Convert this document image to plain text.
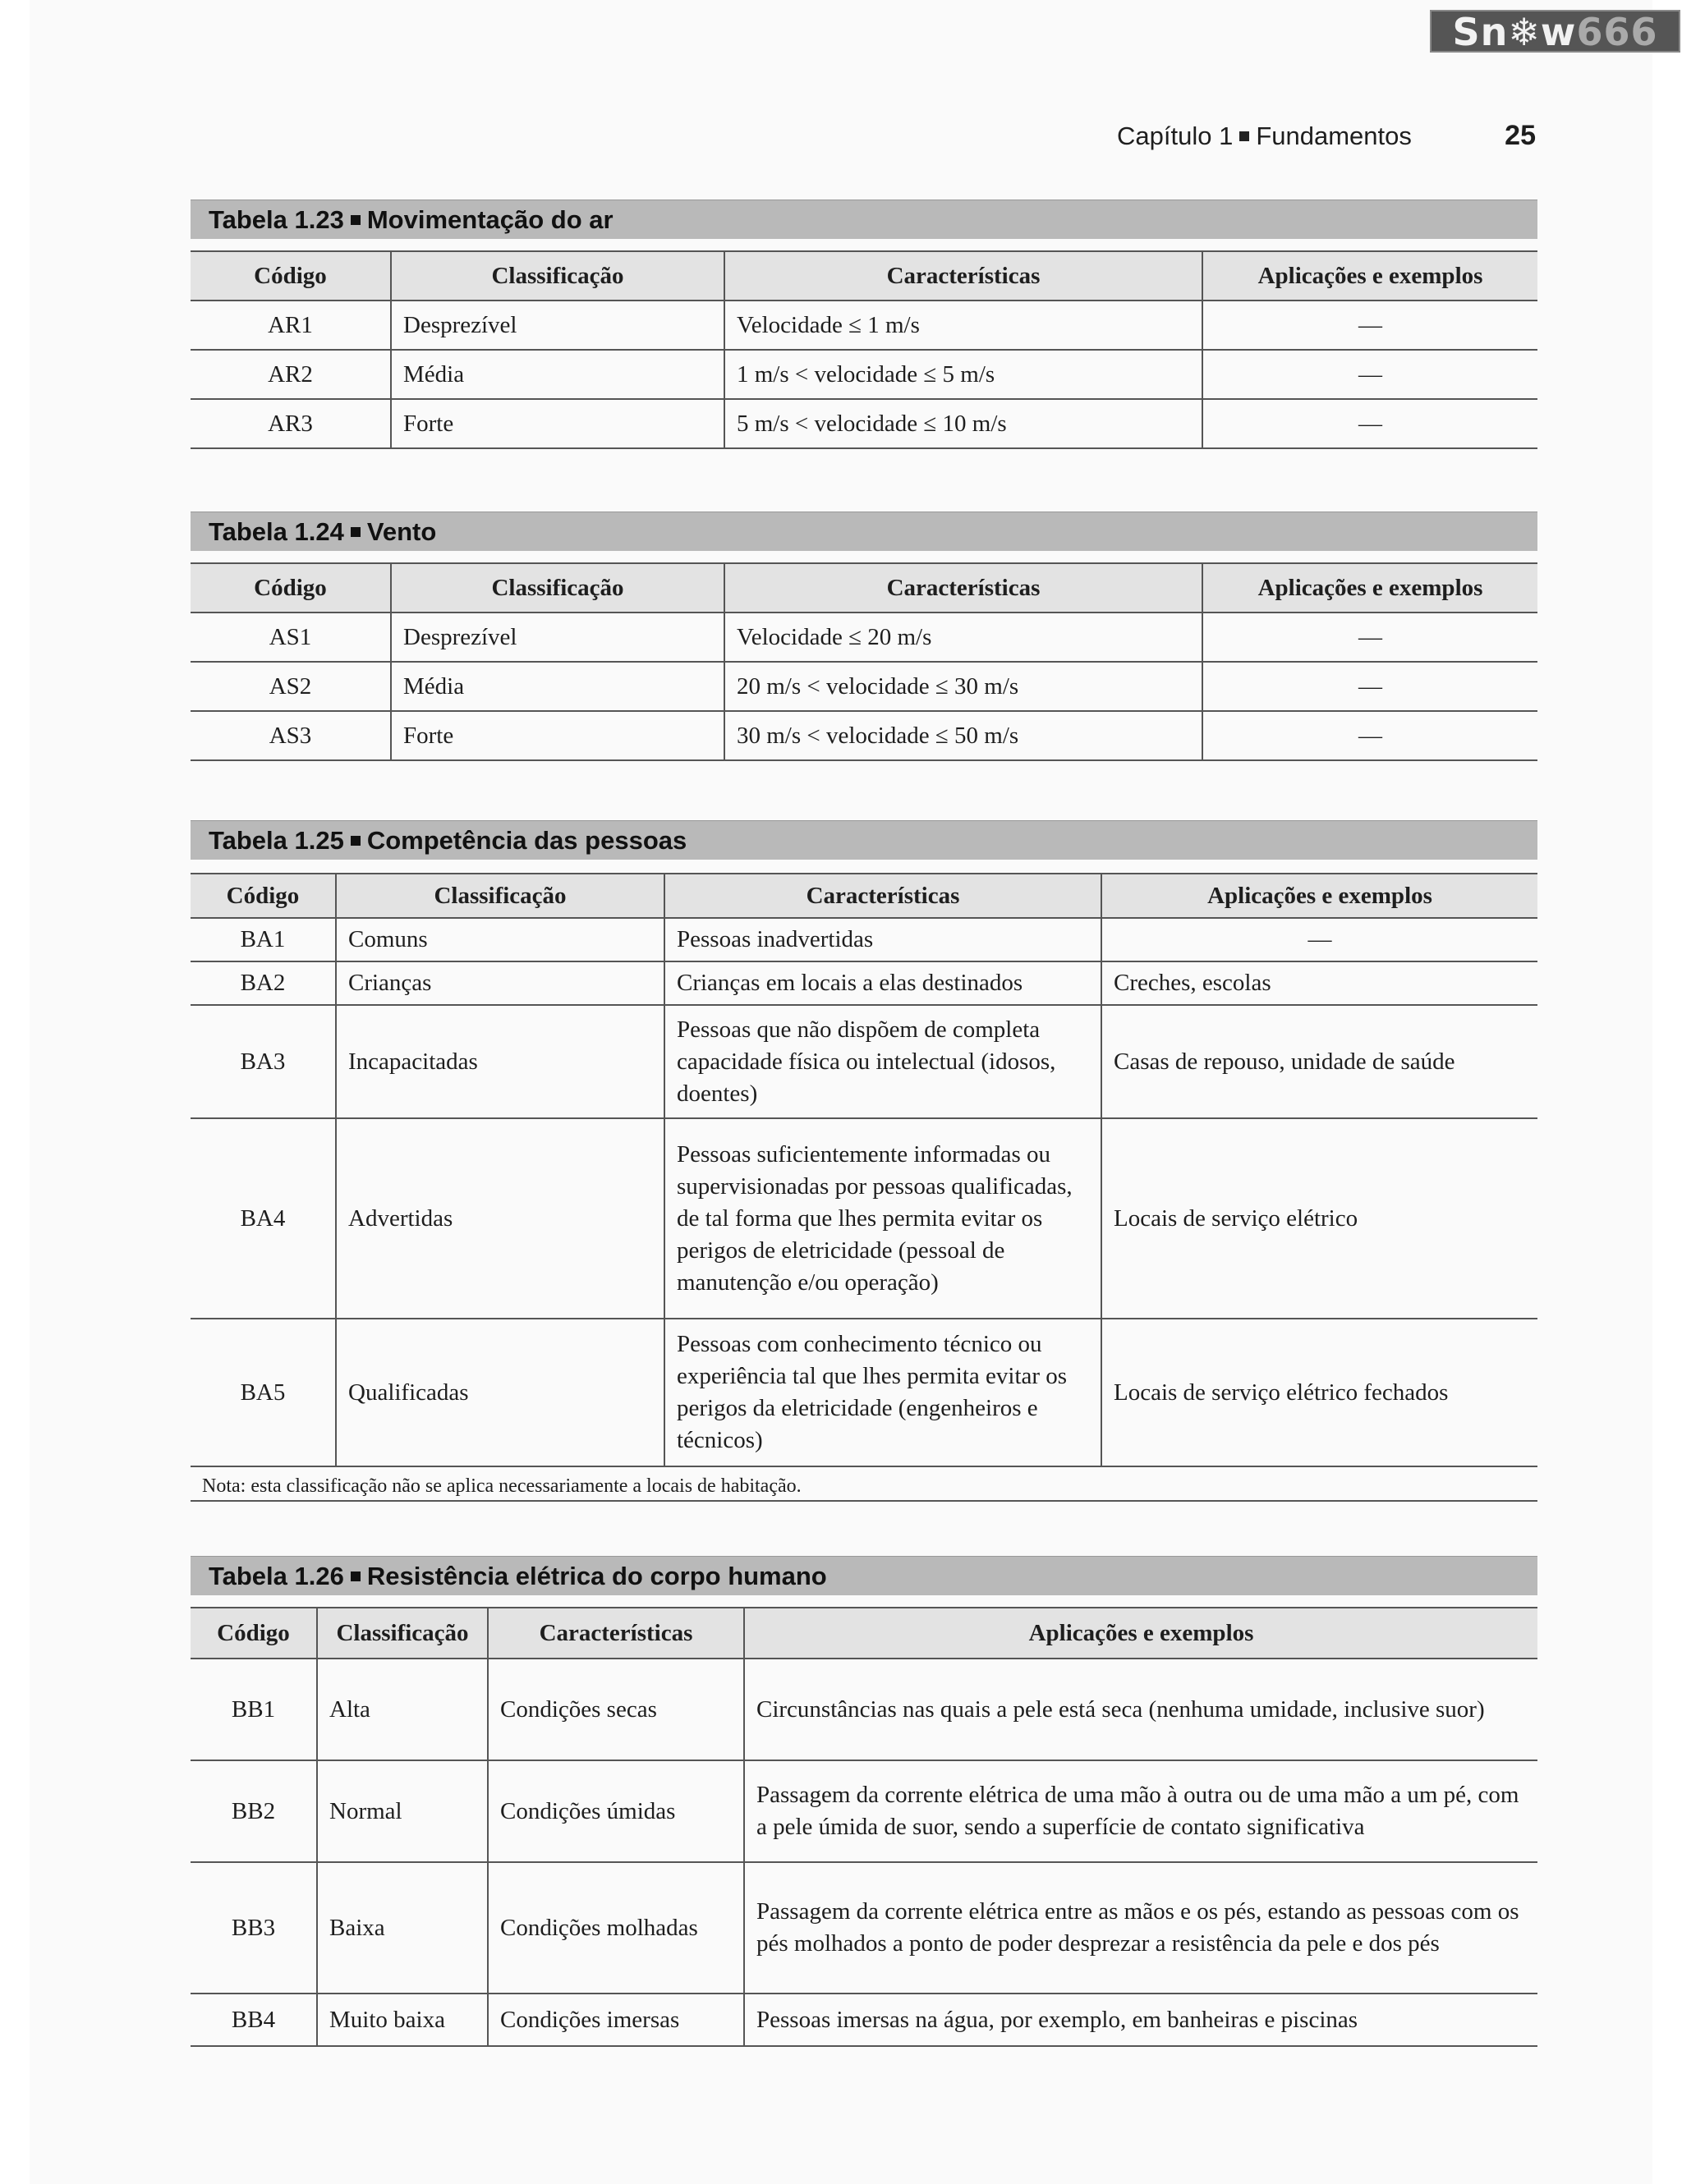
Sn❄w666
Capítulo 1 Fundamentos	25
Tabela 1.23 Movimentação do ar
Código	Classificação	Características	Aplicações e exemplos
AR1	Desprezível	Velocidade ≤ 1 m/s	—
AR2	Média	1 m/s < velocidade ≤ 5 m/s	—
AR3	Forte	5 m/s < velocidade ≤ 10 m/s	—
Tabela 1.24 Vento
Código	Classificação	Características	Aplicações e exemplos
AS1	Desprezível	Velocidade ≤ 20 m/s	—
AS2	Média	20 m/s < velocidade ≤ 30 m/s	—
AS3	Forte	30 m/s < velocidade ≤ 50 m/s	—
Tabela 1.25 Competência das pessoas
Código	Classificação	Características	Aplicações e exemplos
BA1	Comuns	Pessoas inadvertidas	—
BA2	Crianças	Crianças em locais a elas destinados	Creches, escolas
BA3	Incapacitadas	Pessoas que não dispõem de completa capacidade física ou intelectual (idosos, doentes)	Casas de repouso, unidade de saúde
BA4	Advertidas	Pessoas suficientemente informadas ou supervisionadas por pessoas qualificadas, de tal forma que lhes permita evitar os perigos de eletricidade (pessoal de manutenção e/ou operação)	Locais de serviço elétrico
BA5	Qualificadas	Pessoas com conhecimento técnico ou experiência tal que lhes permita evitar os perigos da eletricidade (engenheiros e técnicos)	Locais de serviço elétrico fechados
Nota: esta classificação não se aplica necessariamente a locais de habitação.
Tabela 1.26 Resistência elétrica do corpo humano
Código	Classificação	Características	Aplicações e exemplos
BB1	Alta	Condições secas	Circunstâncias nas quais a pele está seca (nenhuma umidade, inclusive suor)
BB2	Normal	Condições úmidas	Passagem da corrente elétrica de uma mão à outra ou de uma mão a um pé, com a pele úmida de suor, sendo a superfície de contato significativa
BB3	Baixa	Condições molhadas	Passagem da corrente elétrica entre as mãos e os pés, estando as pessoas com os pés molhados a ponto de poder desprezar a resistência da pele e dos pés
BB4	Muito baixa	Condições imersas	Pessoas imersas na água, por exemplo, em banheiras e piscinas
